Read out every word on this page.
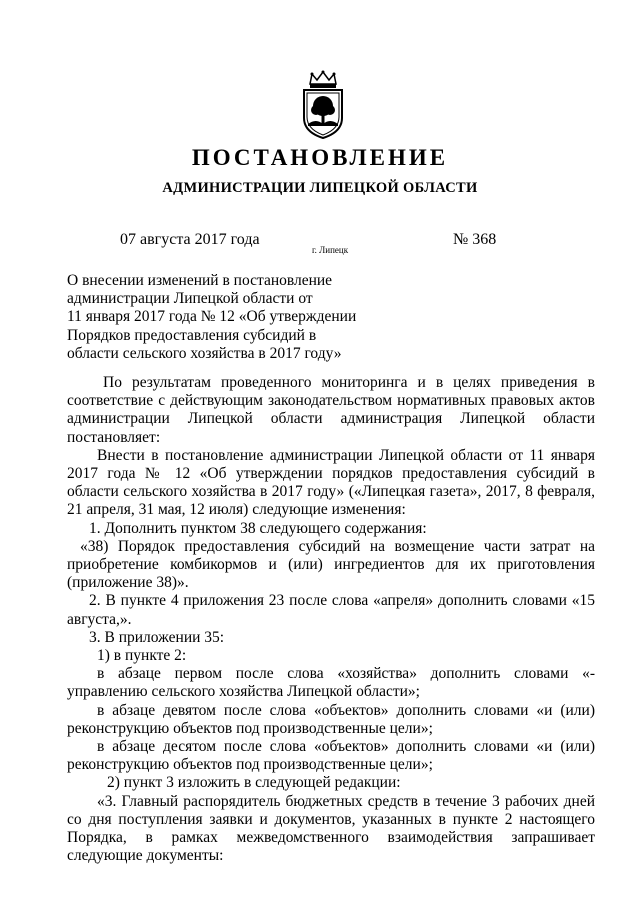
ПОСТАНОВЛЕНИЕ
АДМИНИСТРАЦИИ ЛИПЕЦКОЙ ОБЛАСТИ
07 августа 2017 года
г. Липецк
№ 368
О внесении изменений в постановление
администрации Липецкой области от
11 января 2017 года № 12 «Об утверждении
Порядков предоставления субсидий в
области сельского хозяйства в 2017 году»

По результатам проведенного мониторинга и в целях приведения в соответствие с действующим законодательством нормативных правовых актов администрации Липецкой области администрация Липецкой области постановляет:

Внести в постановление администрации Липецкой области от 11 января 2017 года № 12 «Об утверждении порядков предоставления субсидий в области сельского хозяйства в 2017 году» («Липецкая газета», 2017, 8 февраля, 21 апреля, 31 мая, 12 июля) следующие изменения:

1. Дополнить пунктом 38 следующего содержания:

«38) Порядок предоставления субсидий на возмещение части затрат на приобретение комбикормов и (или) ингредиентов для их приготовления (приложение 38)».

2. В пункте 4 приложения 23 после слова «апреля» дополнить словами «15 августа,».

3. В приложении 35:

1) в пункте 2:

в абзаце первом после слова «хозяйства» дополнить словами «- управлению сельского хозяйства Липецкой области»;

в абзаце девятом после слова «объектов» дополнить словами «и (или) реконструкцию объектов под производственные цели»;

в абзаце десятом после слова «объектов» дополнить словами «и (или) реконструкцию объектов под производственные цели»;

2) пункт 3 изложить в следующей редакции:

«3. Главный распорядитель бюджетных средств в течение 3 рабочих дней со дня поступления заявки и документов, указанных в пункте 2 настоящего Порядка, в рамках межведомственного взаимодействия запрашивает следующие документы:
